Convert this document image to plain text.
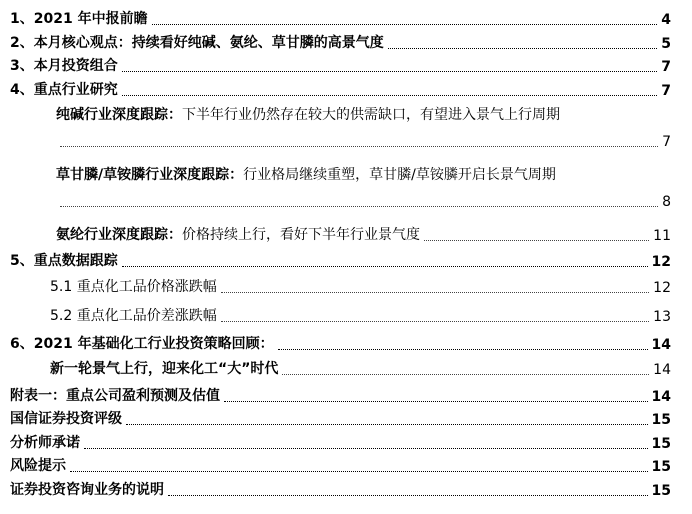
1、2021 年中报前瞻	4
2、本月核心观点：持续看好纯碱、氨纶、草甘膦的高景气度	5
3、本月投资组合	7
4、重点行业研究	7
纯碱行业深度跟踪： 下半年行业仍然存在较大的供需缺口，有望进入景气上行周期
7
草甘膦/草铵膦行业深度跟踪： 行业格局继续重塑，草甘膦/草铵膦开启长景气周期
8
氨纶行业深度跟踪： 价格持续上行，看好下半年行业景气度	11
5、重点数据跟踪	12
5.1 重点化工品价格涨跌幅	12
5.2 重点化工品价差涨跌幅	13
6、2021 年基础化工行业投资策略回顾：	14
新一轮景气上行，迎来化工“大”时代	14
附表一：重点公司盈利预测及估值	14
国信证券投资评级	15
分析师承诺	15
风险提示	15
证券投资咨询业务的说明	15
